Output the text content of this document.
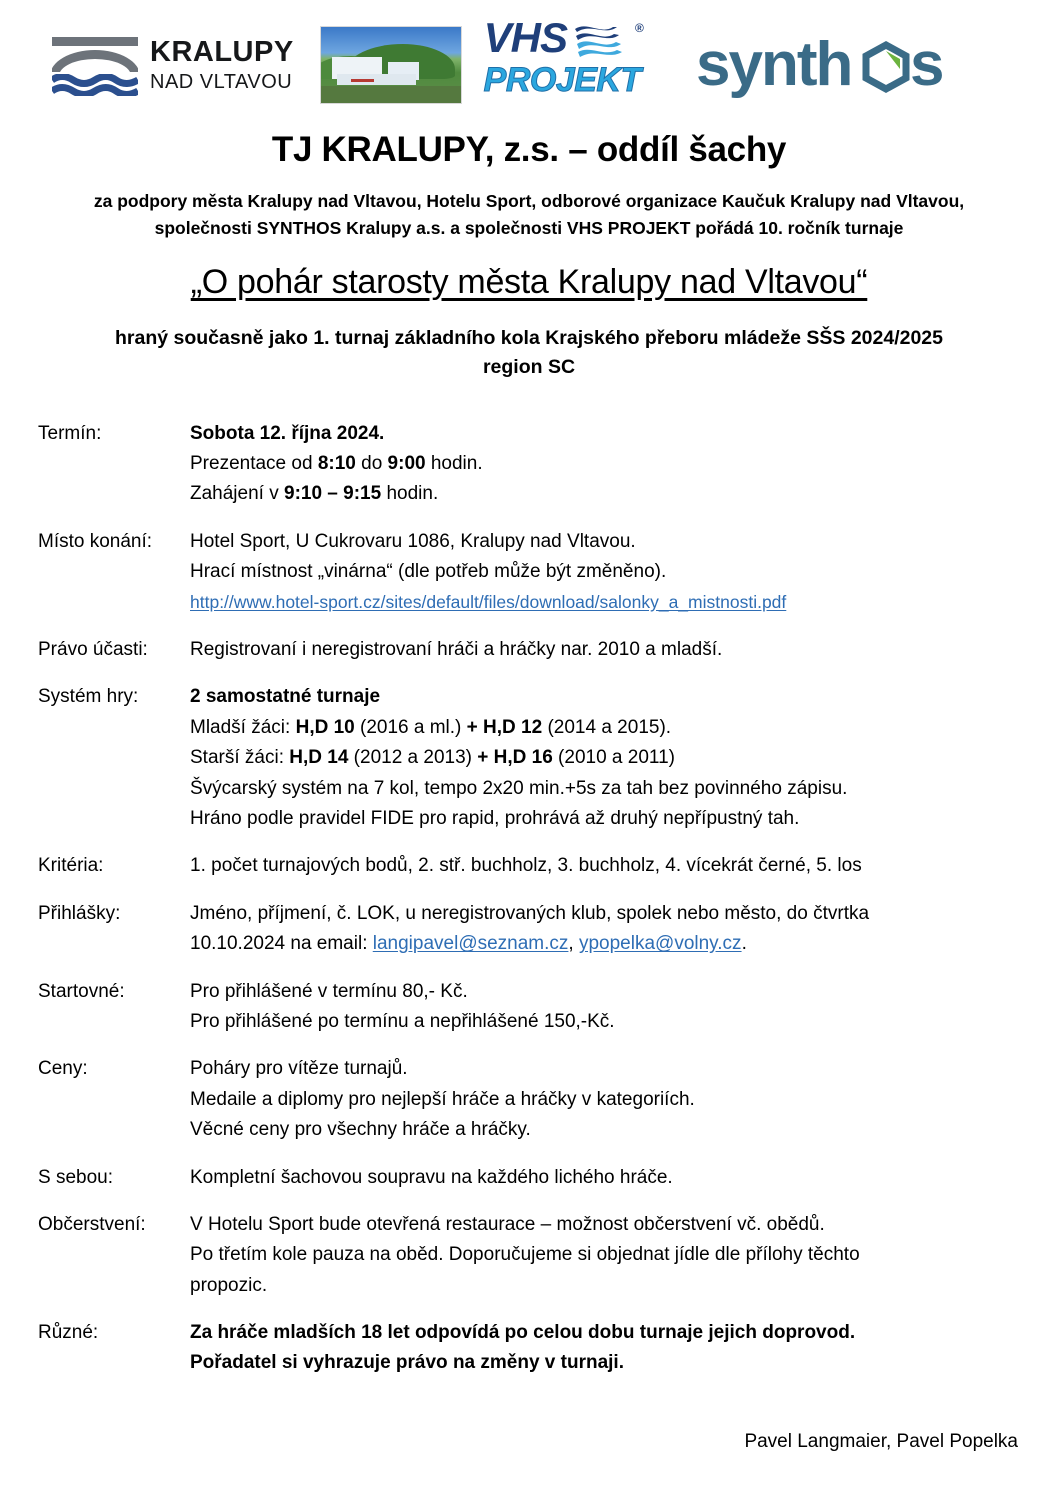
KRALUPY
NAD VLTAVOU
VHS	®
PROJEKT synth s
TJ KRALUPY, z.s. – oddíl šachy
za podpory města Kralupy nad Vltavou, Hotelu Sport, odborové organizace Kaučuk Kralupy nad Vltavou,
společnosti SYNTHOS Kralupy a.s. a společnosti VHS PROJEKT pořádá 10. ročník turnaje
„O pohár starosty města Kralupy nad Vltavou“
hraný současně jako 1. turnaj základního kola Krajského přeboru mládeže SŠS 2024/2025
region SC
Termín:	Sobota 12. října 2024.
Prezentace od 8:10 do 9:00 hodin.
Zahájení v 9:10 – 9:15 hodin.
Místo konání:	Hotel Sport, U Cukrovaru 1086, Kralupy nad Vltavou.
Hrací místnost „vinárna“ (dle potřeb může být změněno).
http://www.hotel-sport.cz/sites/default/files/download/salonky_a_mistnosti.pdf
Právo účasti:	Registrovaní i neregistrovaní hráči a hráčky nar. 2010 a mladší.
Systém hry:	2 samostatné turnaje
Mladší žáci: H,D 10 (2016 a ml.) + H,D 12 (2014 a 2015).
Starší žáci: H,D 14 (2012 a 2013) + H,D 16 (2010 a 2011)
Švýcarský systém na 7 kol, tempo 2x20 min.+5s za tah bez povinného zápisu.
Hráno podle pravidel FIDE pro rapid, prohrává až druhý nepřípustný tah.
Kritéria:	1. počet turnajových bodů, 2. stř. buchholz, 3. buchholz, 4. vícekrát černé, 5. los
Přihlášky:	Jméno, příjmení, č. LOK, u neregistrovaných klub, spolek nebo město, do čtvrtka
10.10.2024 na email: langipavel@seznam.cz, ypopelka@volny.cz.
Startovné:	Pro přihlášené v termínu 80,- Kč.
Pro přihlášené po termínu a nepřihlášené 150,-Kč.
Ceny:	Poháry pro vítěze turnajů.
Medaile a diplomy pro nejlepší hráče a hráčky v kategoriích.
Věcné ceny pro všechny hráče a hráčky.
S sebou:	Kompletní šachovou soupravu na každého lichého hráče.
Občerstvení:	V Hotelu Sport bude otevřená restaurace – možnost občerstvení vč. obědů.
Po třetím kole pauza na oběd. Doporučujeme si objednat jídle dle přílohy těchto
propozic.
Různé:	Za hráče mladších 18 let odpovídá po celou dobu turnaje jejich doprovod.
Pořadatel si vyhrazuje právo na změny v turnaji.
Pavel Langmaier, Pavel Popelka
